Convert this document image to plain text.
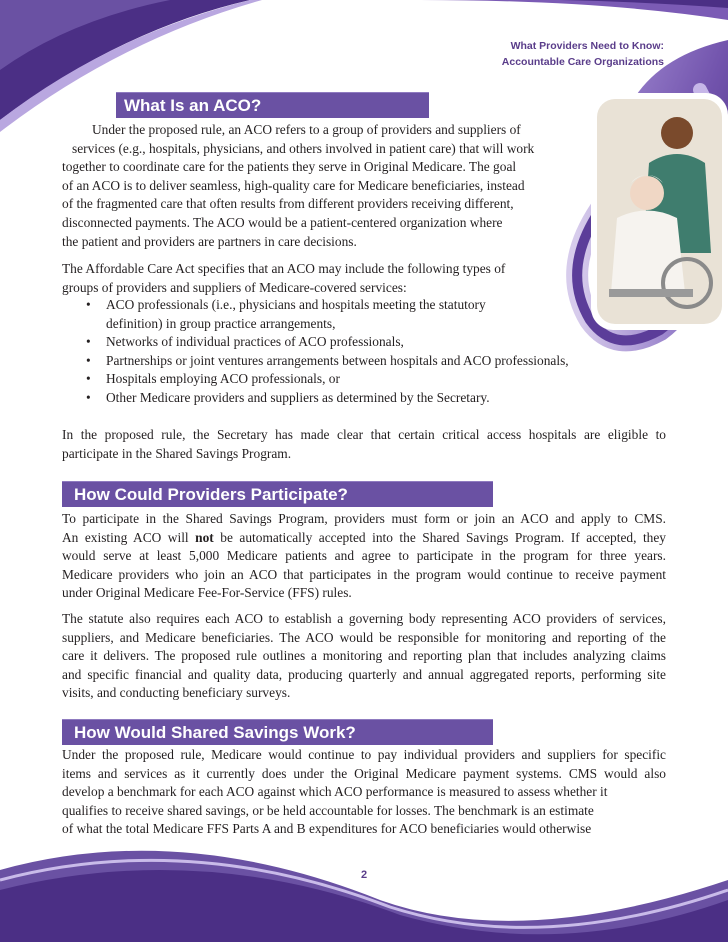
What Providers Need to Know:
Accountable Care Organizations
What Is an ACO?

Under the proposed rule, an ACO refers to a group of providers and suppliers of
services (e.g., hospitals, physicians, and others involved in patient care) that will work
together to coordinate care for the patients they serve in Original Medicare. The goal
of an ACO is to deliver seamless, high-quality care for Medicare beneficiaries, instead
of the fragmented care that often results from different providers receiving different,
disconnected payments. The ACO would be a patient-centered organization where
the patient and providers are partners in care decisions.

The Affordable Care Act specifies that an ACO may include the following types of
groups of providers and suppliers of Medicare-covered services:

• ACO professionals (i.e., physicians and hospitals meeting the statutory
definition) in group practice arrangements,
• Networks of individual practices of ACO professionals,
• Partnerships or joint ventures arrangements between hospitals and ACO professionals,
• Hospitals employing ACO professionals, or
• Other Medicare providers and suppliers as determined by the Secretary.

In the proposed rule, the Secretary has made clear that certain critical access hospitals are eligible to
participate in the Shared Savings Program.

How Could Providers Participate?

To participate in the Shared Savings Program, providers must form or join an ACO and apply to CMS.
An existing ACO will not be automatically accepted into the Shared Savings Program. If accepted, they
would serve at least 5,000 Medicare patients and agree to participate in the program for three years.
Medicare providers who join an ACO that participates in the program would continue to receive payment
under Original Medicare Fee-For-Service (FFS) rules.

The statute also requires each ACO to establish a governing body representing ACO providers of services,
suppliers, and Medicare beneficiaries. The ACO would be responsible for monitoring and reporting of the
care it delivers. The proposed rule outlines a monitoring and reporting plan that includes analyzing claims
and specific financial and quality data, producing quarterly and annual aggregated reports, performing site
visits, and conducting beneficiary surveys.

How Would Shared Savings Work?

Under the proposed rule, Medicare would continue to pay individual providers and suppliers for specific
items and services as it currently does under the Original Medicare payment systems. CMS would also
develop a benchmark for each ACO against which ACO performance is measured to assess whether it
qualifies to receive shared savings, or be held accountable for losses. The benchmark is an estimate
of what the total Medicare FFS Parts A and B expenditures for ACO beneficiaries would otherwise

2
